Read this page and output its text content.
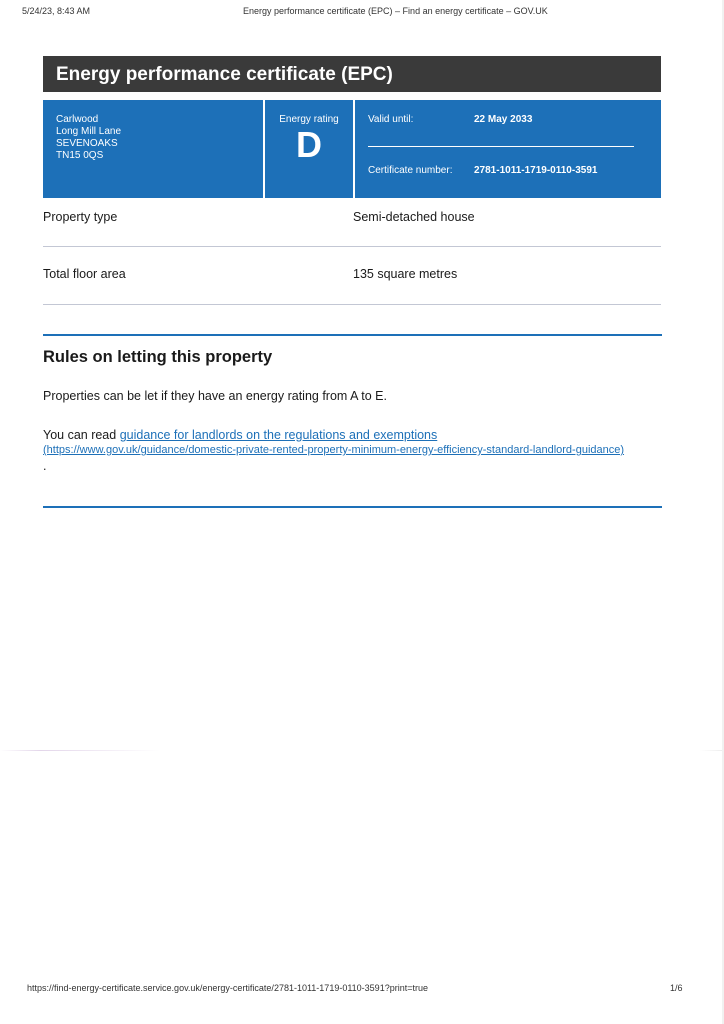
5/24/23, 8:43 AM	Energy performance certificate (EPC) – Find an energy certificate – GOV.UK
Energy performance certificate (EPC)
Carlwood
Long Mill Lane
SEVENOAKS
TN15 0QS
Energy rating
D
Valid until:	22 May 2033
Certificate number: 2781-1011-1719-0110-3591
Property type	Semi-detached house
Total floor area	135 square metres
Rules on letting this property
Properties can be let if they have an energy rating from A to E.
You can read guidance for landlords on the regulations and exemptions
(https://www.gov.uk/guidance/domestic-private-rented-property-minimum-energy-efficiency-standard-landlord-guidance)
.
https://find-energy-certificate.service.gov.uk/energy-certificate/2781-1011-1719-0110-3591?print=true	1/6
